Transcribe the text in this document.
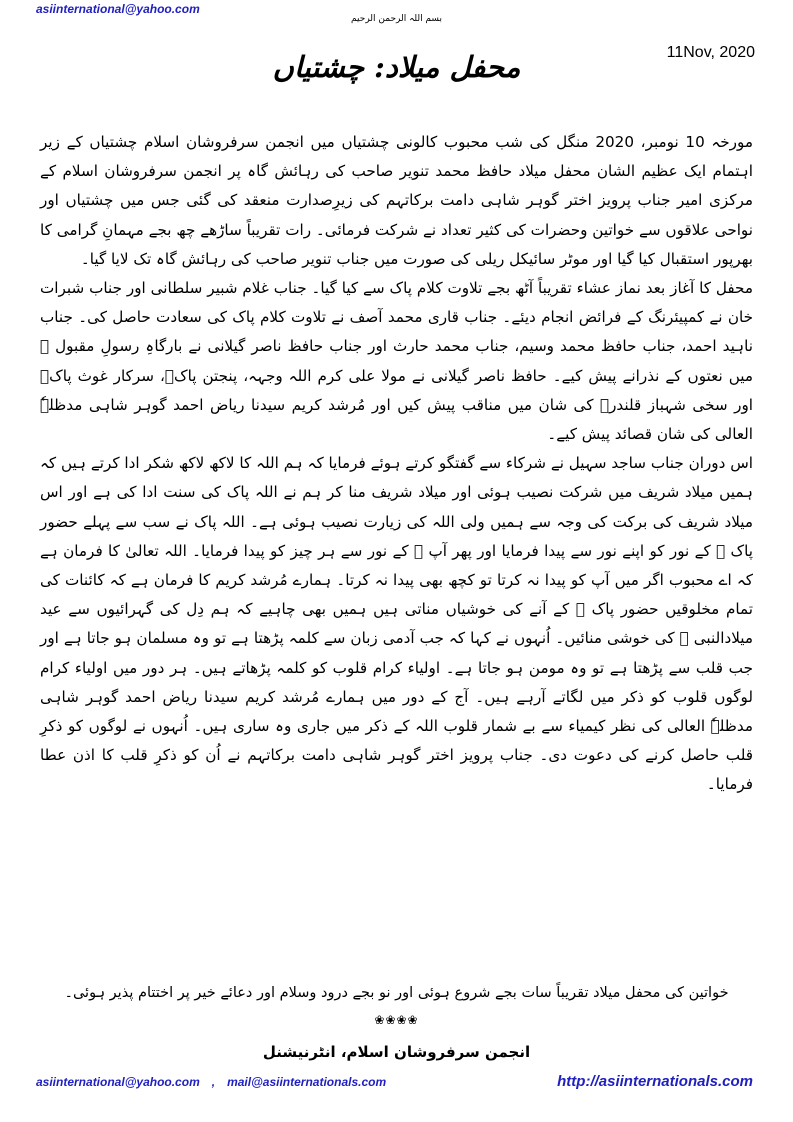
asiinternational@yahoo.com
بسم اللہ الرحمن الرحیم
11Nov, 2020
محفل میلاد: چشتیاں

مورخہ 10 نومبر، 2020 منگل کی شب محبوب کالونی چشتیاں میں انجمن سرفروشان اسلام چشتیاں کے زیر اہتمام ایک عظیم الشان محفل میلاد حافظ محمد تنویر صاحب کی رہائش گاہ پر انجمن سرفروشان اسلام کے مرکزی امیر جناب پرویز اختر گوہر شاہی دامت برکاتہم کی زیرِصدارت منعقد کی گئی جس میں چشتیاں اور نواحی علاقوں سے خواتین وحضرات کی کثیر تعداد نے شرکت فرمائی۔ رات تقریباً ساڑھے چھ بجے مہمانِ گرامی کا بھرپور استقبال کیا گیا اور موٹر سائیکل ریلی کی صورت میں جناب تنویر صاحب کی رہائش گاہ تک لایا گیا۔

محفل کا آغاز بعد نماز عشاء تقریباً آٹھ بجے تلاوت کلام پاک سے کیا گیا۔ جناب غلام شبیر سلطانی اور جناب شبرات خان نے کمپیئرنگ کے فرائض انجام دیئے۔ جناب قاری محمد آصف نے تلاوت کلام پاک کی سعادت حاصل کی۔ جناب ناہید احمد، جناب حافظ محمد وسیم، جناب محمد حارث اور جناب حافظ ناصر گیلانی نے بارگاہِ رسولِ مقبول ﷺ میں نعتوں کے نذرانے پیش کیے۔ حافظ ناصر گیلانی نے مولا علی کرم اللہ وجہہ، پنجتن پاکؑ، سرکار غوث پاکؒ اور سخی شہباز قلندرؒ کی شان میں مناقب پیش کیں اور مُرشد کریم سیدنا ریاض احمد گوہر شاہی مدظلہٗ العالی کی شان قصائد پیش کیے۔

اس دوران جناب ساجد سہیل نے شرکاء سے گفتگو کرتے ہوئے فرمایا کہ ہم اللہ کا لاکھ لاکھ شکر ادا کرتے ہیں کہ ہمیں میلاد شریف میں شرکت نصیب ہوئی اور میلاد شریف منا کر ہم نے اللہ پاک کی سنت ادا کی ہے اور اس میلاد شریف کی برکت کی وجہ سے ہمیں ولی اللہ کی زیارت نصیب ہوئی ہے۔ اللہ پاک نے سب سے پہلے حضور پاک ﷺ کے نور کو اپنے نور سے پیدا فرمایا اور پھر آپ ﷺ کے نور سے ہر چیز کو پیدا فرمایا۔ اللہ تعالیٰ کا فرمان ہے کہ اے محبوب اگر میں آپ کو پیدا نہ کرتا تو کچھ بھی پیدا نہ کرتا۔ ہمارے مُرشد کریم کا فرمان ہے کہ کائنات کی تمام مخلوقیں حضور پاک ﷺ کے آنے کی خوشیاں مناتی ہیں ہمیں بھی چاہیے کہ ہم دِل کی گہرائیوں سے عید میلادالنبی ﷺ کی خوشی منائیں۔ اُنہوں نے کہا کہ جب آدمی زبان سے کلمہ پڑھتا ہے تو وہ مسلمان ہو جاتا ہے اور جب قلب سے پڑھتا ہے تو وہ مومن ہو جاتا ہے۔ اولیاء کرام قلوب کو کلمہ پڑھاتے ہیں۔ ہر دور میں اولیاء کرام لوگوں قلوب کو ذکر میں لگاتے آرہے ہیں۔ آج کے دور میں ہمارے مُرشد کریم سیدنا ریاض احمد گوہر شاہی مدظلہٗ العالی کی نظر کیمیاء سے بے شمار قلوب اللہ کے ذکر میں جاری وہ ساری ہیں۔ اُنہوں نے لوگوں کو ذکرِ قلب حاصل کرنے کی دعوت دی۔ جناب پرویز اختر گوہر شاہی دامت برکاتہم نے اُن کو ذکرِ قلب کا اذن عطا فرمایا۔

خواتین کی محفل میلاد تقریباً سات بجے شروع ہوئی اور نو بجے درود وسلام اور دعائے خیر پر اختتام پذیر ہوئی۔
❀❀❀❀
انجمن سرفروشان اسلام، انٹرنیشنل
asiinternational@yahoo.com , mail@asiinternationals.com	http://asiinternationals.com
